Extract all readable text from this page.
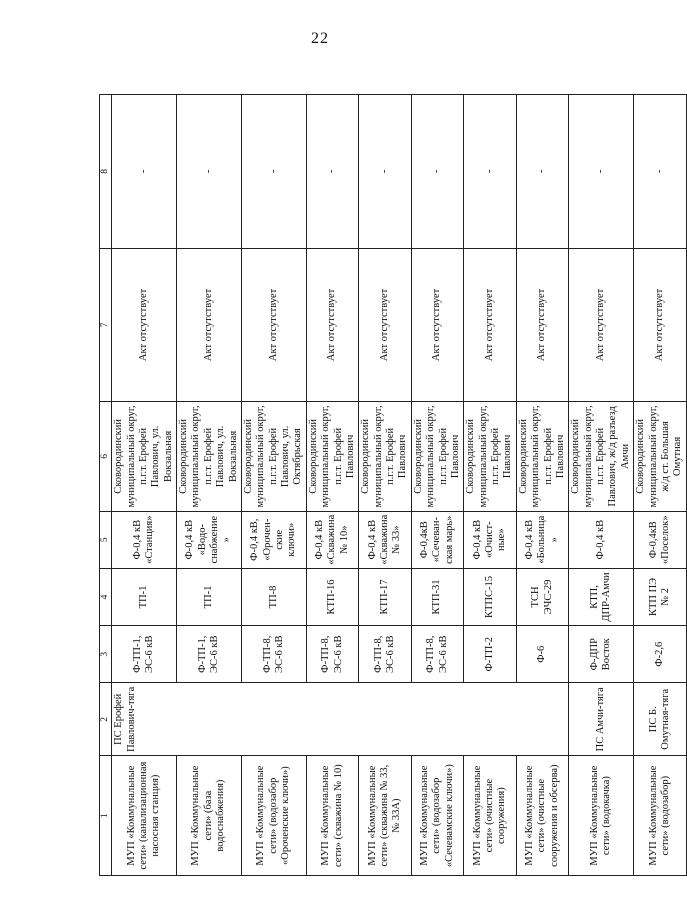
22
1	2	3	4	5	6	7	8
МУП «Коммунальные сети» (канализационная насосная станция)	ПС Ерофей Павлович-тяга	Ф-ТП-1, ЭС-6 кВ	ТП-1	Ф-0,4 кВ «Станция»	Сковородинский муниципальный округ, п.г.т. Ерофей Павлович, ул. Вокзальная	Акт отсутствует	-
МУП «Коммунальные сети» (база водоснабжения)		Ф-ТП-1, ЭС-6 кВ	ТП-1	Ф-0,4 кВ «Водо-снабжение»	Сковородинский муниципальный округ, п.г.т. Ерофей Павлович, ул. Вокзальная	Акт отсутствует	-
МУП «Коммунальные сети» (водозабор «Ороченские ключи»)		Ф-ТП-8, ЭС-6 кВ	ТП-8	Ф-0,4 кВ, «Орочен-ские ключи»	Сковородинский муниципальный округ, п.г.т. Ерофей Павлович, ул. Октябрьская	Акт отсутствует	-
МУП «Коммунальные сети» (скважина № 10)		Ф-ТП-8, ЭС-6 кВ	КТП-16	Ф-0,4 кВ «Скважина № 10»	Сковородинский муниципальный округ, п.г.т. Ерофей Павлович	Акт отсутствует	-
МУП «Коммунальные сети» (скважина № 33, № 33А)		Ф-ТП-8, ЭС-6 кВ	КТП-17	Ф-0,4 кВ «Скважина № 33»	Сковородинский муниципальный округ, п.г.т. Ерофей Павлович	Акт отсутствует	-
МУП «Коммунальные сети» (водозабор «Сечевамские ключи»)		Ф-ТП-8, ЭС-6 кВ	КТП-31	Ф-0,4кВ «Сечеван-ская марь»	Сковородинский муниципальный округ, п.г.т. Ерофей Павлович	Акт отсутствует	-
МУП «Коммунальные сети» (очистные сооружения)		Ф-ТП-2	КТПС-15	Ф-0,4 кВ «Очист-ные»	Сковородинский муниципальный округ, п.г.т. Ерофей Павлович	Акт отсутствует	-
МУП «Коммунальные сети» (очистные сооружения и обсерва)		Ф-6	ТСН ЭЧС-29	Ф-0,4 кВ «Больница»	Сковородинский муниципальный округ, п.г.т. Ерофей Павлович	Акт отсутствует	-
МУП «Коммунальные сети» (водокачка)	ПС Амчи-тяга	Ф-ДПР Восток	КТП, ДПР-Амчи	Ф-0,4 кВ	Сковородинский муниципальный округ, п.г.т. Ерофей Павлович, ж/д разъезд Амчи	Акт отсутствует	-
МУП «Коммунальные сети» (водозабор)	ПС Б. Омутная-тяга	Ф-2,6	КТП ПЭ № 2	Ф-0,4кВ «Поселок»	Сковородинский муниципальный округ, ж/д ст. Большая Омутная	Акт отсутствует	-
